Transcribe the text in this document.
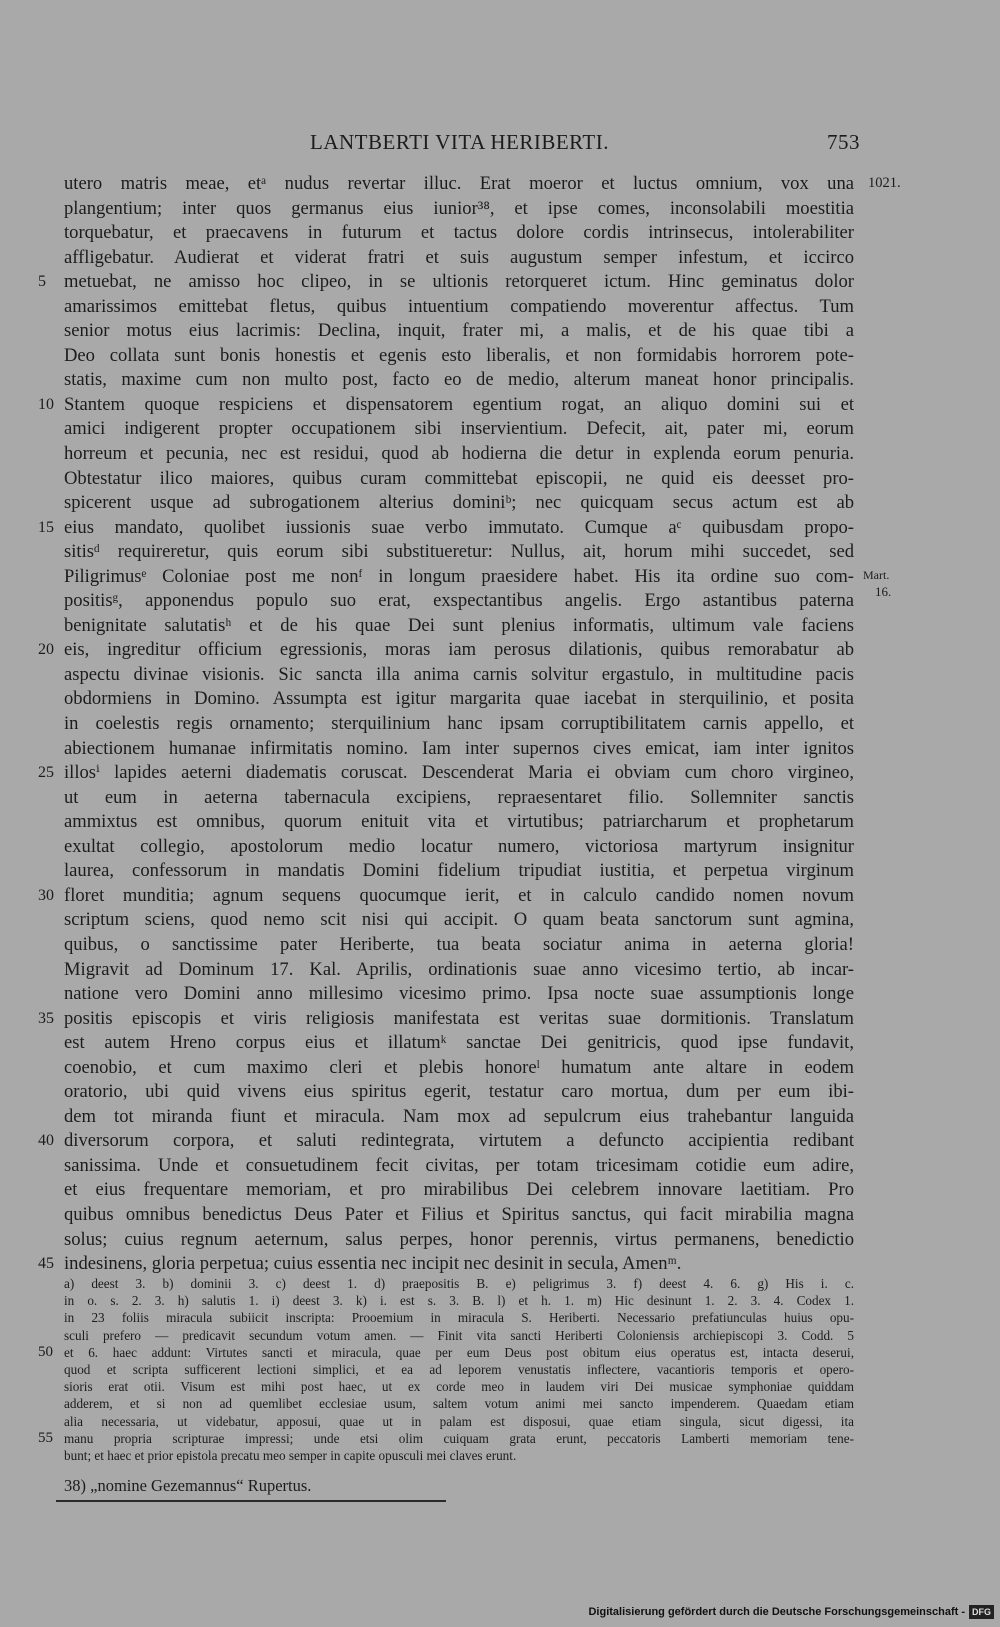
LANTBERTI VITA HERIBERTI.	753
1021.
Mart.
16.
utero matris meae, etᵃ nudus revertar illuc. Erat moeror et luctus omnium, vox una
plangentium; inter quos germanus eius iunior³⁸, et ipse comes, inconsolabili moestitia
torquebatur, et praecavens in futurum et tactus dolore cordis intrinsecus, intolerabiliter
affligebatur. Audierat et viderat fratri et suis augustum semper infestum, et iccirco
5 metuebat, ne amisso hoc clipeo, in se ultionis retorqueret ictum. Hinc geminatus dolor
amarissimos emittebat fletus, quibus intuentium compatiendo moverentur affectus. Tum
senior motus eius lacrimis: Declina, inquit, frater mi, a malis, et de his quae tibi a
Deo collata sunt bonis honestis et egenis esto liberalis, et non formidabis horrorem pote-
statis, maxime cum non multo post, facto eo de medio, alterum maneat honor principalis.
10 Stantem quoque respiciens et dispensatorem egentium rogat, an aliquo domini sui et
amici indigerent propter occupationem sibi inservientium. Defecit, ait, pater mi, eorum
horreum et pecunia, nec est residui, quod ab hodierna die detur in explenda eorum penuria.
Obtestatur ilico maiores, quibus curam committebat episcopii, ne quid eis deesset pro-
spicerent usque ad subrogationem alterius dominiᵇ; nec quicquam secus actum est ab
15 eius mandato, quolibet iussionis suae verbo immutato. Cumque aᶜ quibusdam propo-
sitisᵈ requireretur, quis eorum sibi substitueretur: Nullus, ait, horum mihi succedet, sed
Piligrimusᵉ Coloniae post me nonᶠ in longum praesidere habet. His ita ordine suo com-
positisᵍ, apponendus populo suo erat, exspectantibus angelis. Ergo astantibus paterna
benignitate salutatisʰ et de his quae Dei sunt plenius informatis, ultimum vale faciens
20 eis, ingreditur officium egressionis, moras iam perosus dilationis, quibus remorabatur ab
aspectu divinae visionis. Sic sancta illa anima carnis solvitur ergastulo, in multitudine pacis
obdormiens in Domino. Assumpta est igitur margarita quae iacebat in sterquilinio, et posita
in coelestis regis ornamento; sterquilinium hanc ipsam corruptibilitatem carnis appello, et
abiectionem humanae infirmitatis nomino. Iam inter supernos cives emicat, iam inter ignitos
25 illosⁱ lapides aeterni diadematis coruscat. Descenderat Maria ei obviam cum choro virgineo,
ut eum in aeterna tabernacula excipiens, repraesentaret filio. Sollemniter sanctis
ammixtus est omnibus, quorum enituit vita et virtutibus; patriarcharum et prophetarum
exultat collegio, apostolorum medio locatur numero, victoriosa martyrum insignitur
laurea, confessorum in mandatis Domini fidelium tripudiat iustitia, et perpetua virginum
30 floret munditia; agnum sequens quocumque ierit, et in calculo candido nomen novum
scriptum sciens, quod nemo scit nisi qui accipit. O quam beata sanctorum sunt agmina,
quibus, o sanctissime pater Heriberte, tua beata sociatur anima in aeterna gloria!
Migravit ad Dominum 17. Kal. Aprilis, ordinationis suae anno vicesimo tertio, ab incar-
natione vero Domini anno millesimo vicesimo primo. Ipsa nocte suae assumptionis longe
35 positis episcopis et viris religiosis manifestata est veritas suae dormitionis. Translatum
est autem Hreno corpus eius et illatumᵏ sanctae Dei genitricis, quod ipse fundavit,
coenobio, et cum maximo cleri et plebis honoreˡ humatum ante altare in eodem
oratorio, ubi quid vivens eius spiritus egerit, testatur caro mortua, dum per eum ibi-
dem tot miranda fiunt et miracula. Nam mox ad sepulcrum eius trahebantur languida
40 diversorum corpora, et saluti redintegrata, virtutem a defuncto accipientia redibant
sanissima. Unde et consuetudinem fecit civitas, per totam tricesimam cotidie eum adire,
et eius frequentare memoriam, et pro mirabilibus Dei celebrem innovare laetitiam. Pro
quibus omnibus benedictus Deus Pater et Filius et Spiritus sanctus, qui facit mirabilia magna
solus; cuius regnum aeternum, salus perpes, honor perennis, virtus permanens, benedictio
45 indesinens, gloria perpetua; cuius essentia nec incipit nec desinit in secula, Amenᵐ.
a) deest 3. b) dominii 3. c) deest 1. d) praepositis B. e) peligrimus 3. f) deest 4. 6. g) His i. c.
in o. s. 2. 3. h) salutis 1. i) deest 3. k) i. est s. 3. B. l) et h. 1. m) Hic desinunt 1. 2. 3. 4. Codex 1.
in 23 foliis miracula subiicit inscripta: Prooemium in miracula S. Heriberti. Necessario prefatiunculas huius opu-
sculi prefero — predicavit secundum votum amen. — Finit vita sancti Heriberti Coloniensis archiepiscopi 3. Codd. 5
50 et 6. haec addunt: Virtutes sancti et miracula, quae per eum Deus post obitum eius operatus est, intacta deserui,
quod et scripta sufficerent lectioni simplici, et ea ad leporem venustatis inflectere, vacantioris temporis et opero-
sioris erat otii. Visum est mihi post haec, ut ex corde meo in laudem viri Dei musicae symphoniae quiddam
adderem, et si non ad quemlibet ecclesiae usum, saltem votum animi mei sancto impenderem. Quaedam etiam
alia necessaria, ut videbatur, apposui, quae ut in palam est disposui, quae etiam singula, sicut digessi, ita
55 manu propria scripturae impressi; unde etsi olim cuiquam grata erunt, peccatoris Lamberti memoriam tene-
bunt; et haec et prior epistola precatu meo semper in capite opusculi mei claves erunt.
38) „nomine Gezemannus“ Rupertus.
Digitalisierung gefördert durch die Deutsche Forschungsgemeinschaft - DFG
